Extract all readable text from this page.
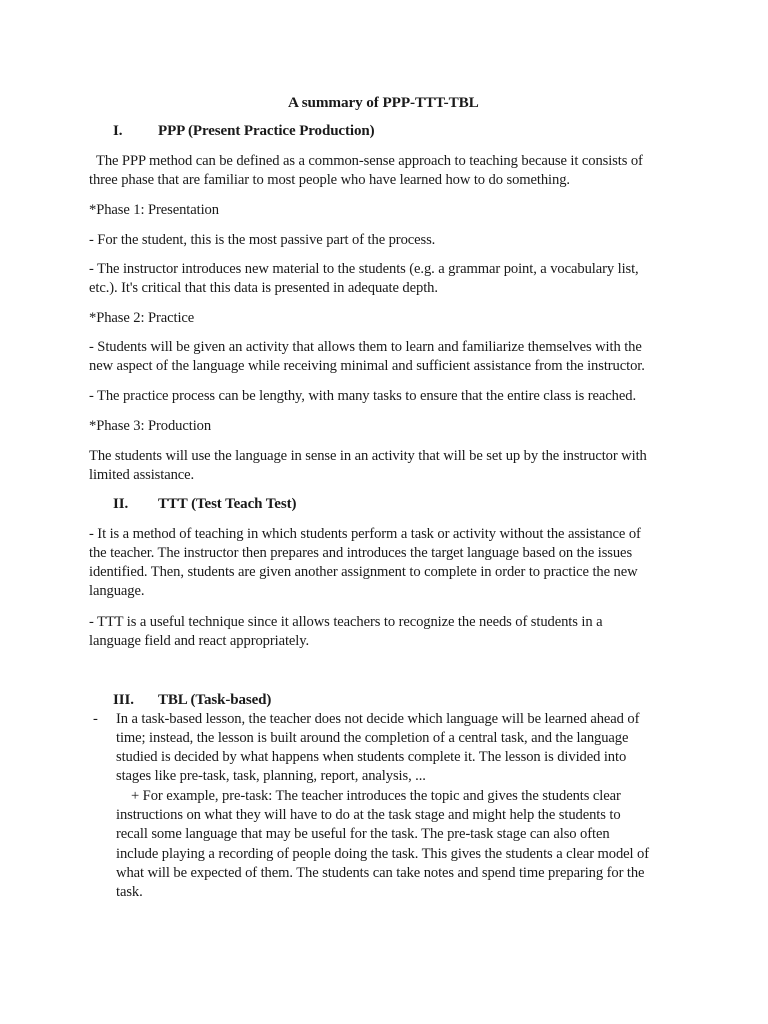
A summary of PPP-TTT-TBL
I. PPP (Present Practice Production)
The PPP method can be defined as a common-sense approach to teaching because it consists of
three phase that are familiar to most people who have learned how to do something.
*Phase 1: Presentation
- For the student, this is the most passive part of the process.
- The instructor introduces new material to the students (e.g. a grammar point, a vocabulary list,
etc.). It's critical that this data is presented in adequate depth.
*Phase 2: Practice
- Students will be given an activity that allows them to learn and familiarize themselves with the
new aspect of the language while receiving minimal and sufficient assistance from the instructor.
- The practice process can be lengthy, with many tasks to ensure that the entire class is reached.
*Phase 3: Production
The students will use the language in sense in an activity that will be set up by the instructor with
limited assistance.
II. TTT (Test Teach Test)
- It is a method of teaching in which students perform a task or activity without the assistance of
the teacher. The instructor then prepares and introduces the target language based on the issues
identified. Then, students are given another assignment to complete in order to practice the new
language.
- TTT is a useful technique since it allows teachers to recognize the needs of students in a
language field and react appropriately.
III. TBL (Task-based)
- In a task-based lesson, the teacher does not decide which language will be learned ahead of
time; instead, the lesson is built around the completion of a central task, and the language
studied is decided by what happens when students complete it. The lesson is divided into
stages like pre-task, task, planning, report, analysis, ...
+ For example, pre-task: The teacher introduces the topic and gives the students clear
instructions on what they will have to do at the task stage and might help the students to
recall some language that may be useful for the task. The pre-task stage can also often
include playing a recording of people doing the task. This gives the students a clear model of
what will be expected of them. The students can take notes and spend time preparing for the
task.
